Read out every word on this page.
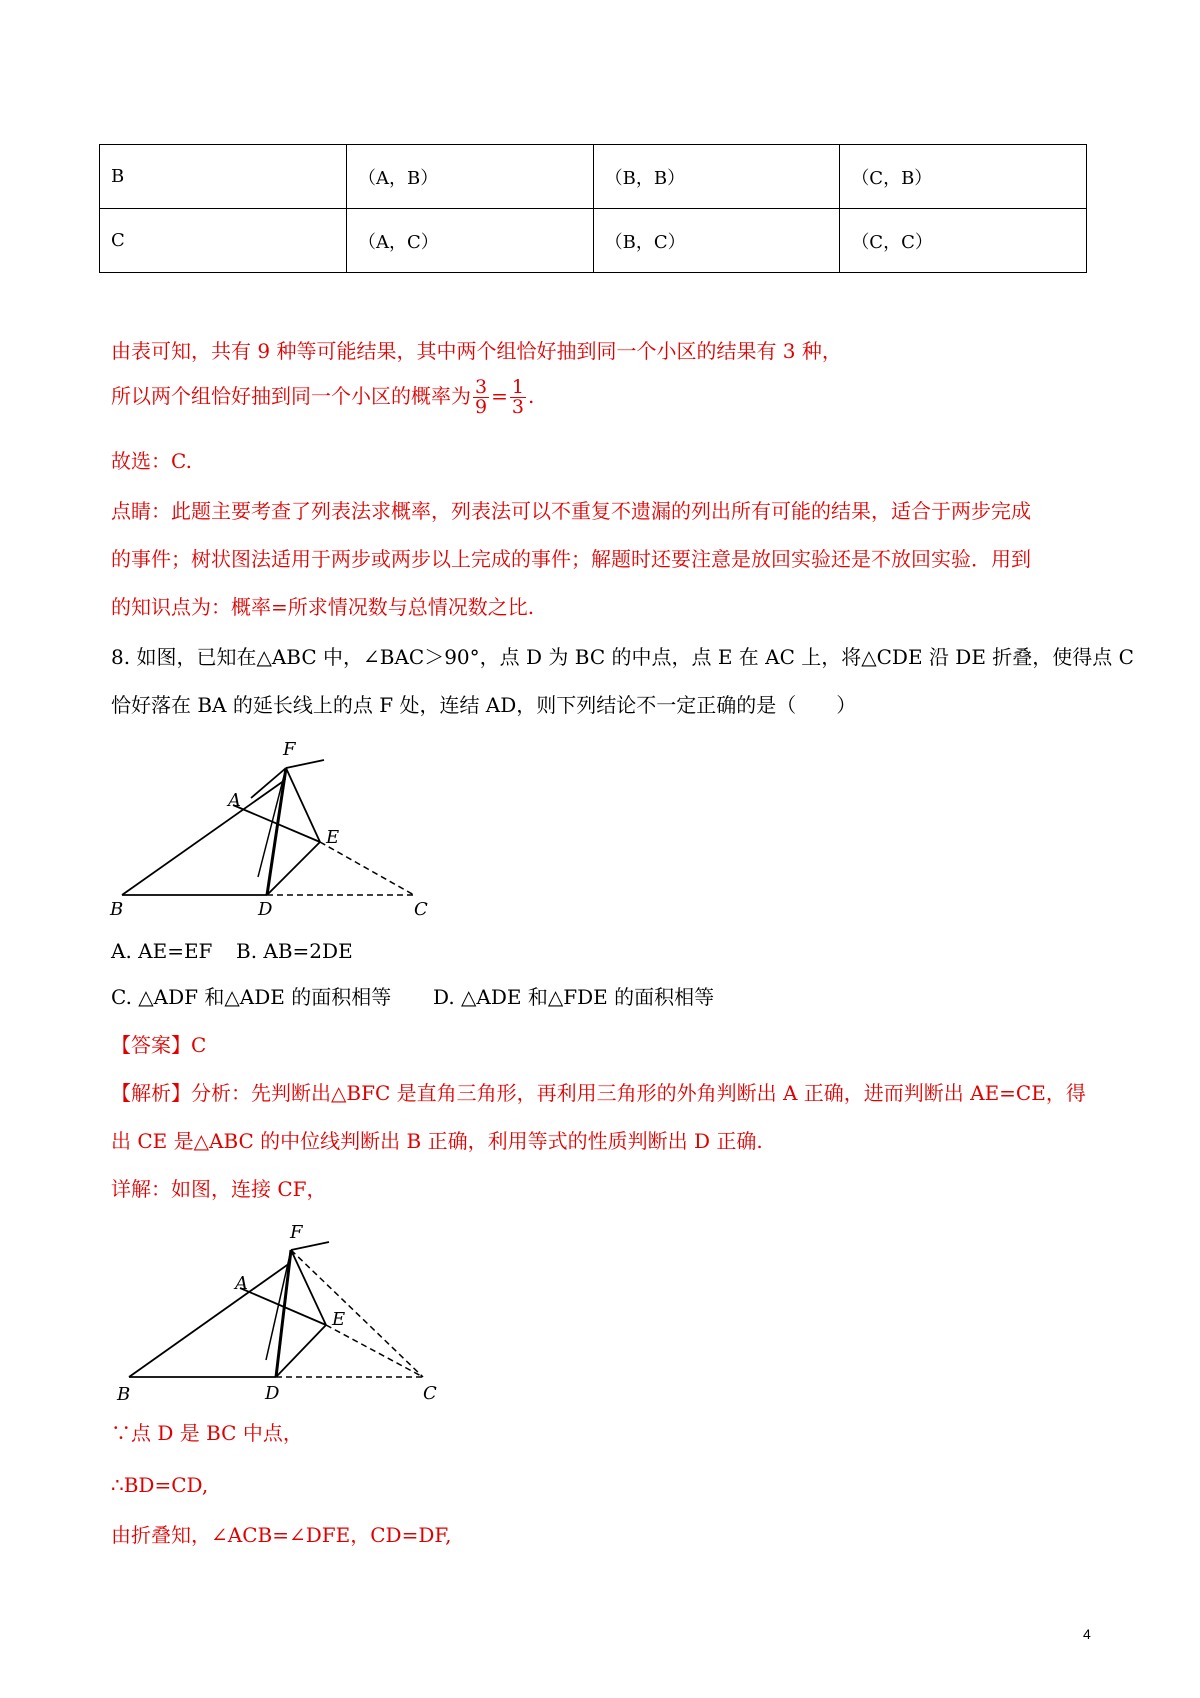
B	（A，B）	（B，B）	（C，B）
C	（A，C）	（B，C）	（C，C）
由表可知，共有 9 种等可能结果，其中两个组恰好抽到同一个小区的结果有 3 种，
所以两个组恰好抽到同一个小区的概率为 $\frac{3}{9} = \frac{1}{3}$ .
故选：C.
点睛：此题主要考查了列表法求概率，列表法可以不重复不遗漏的列出所有可能的结果，适合于两步完成
的事件；树状图法适用于两步或两步以上完成的事件；解题时还要注意是放回实验还是不放回实验．用到
的知识点为：概率=所求情况数与总情况数之比.
8. 如图，已知在△ABC 中，∠BAC＞90°，点 D 为 BC 的中点，点 E 在 AC 上，将△CDE 沿 DE 折叠，使得点 C
恰好落在 BA 的延长线上的点 F 处，连结 AD，则下列结论不一定正确的是（　　）
B
A
F
E
D	C
A. AE=EF B. AB=2DE
C. △ADF 和△ADE 的面积相等 D. △ADE 和△FDE 的面积相等
【答案】C
【解析】分析：先判断出△BFC 是直角三角形，再利用三角形的外角判断出 A 正确，进而判断出 AE=CE，得
出 CE 是△ABC 的中位线判断出 B 正确，利用等式的性质判断出 D 正确.
详解：如图，连接 CF，
B
A
F
E
D	C
∵点 D 是 BC 中点，
∴BD=CD,
由折叠知，∠ACB=∠DFE，CD=DF,
4
